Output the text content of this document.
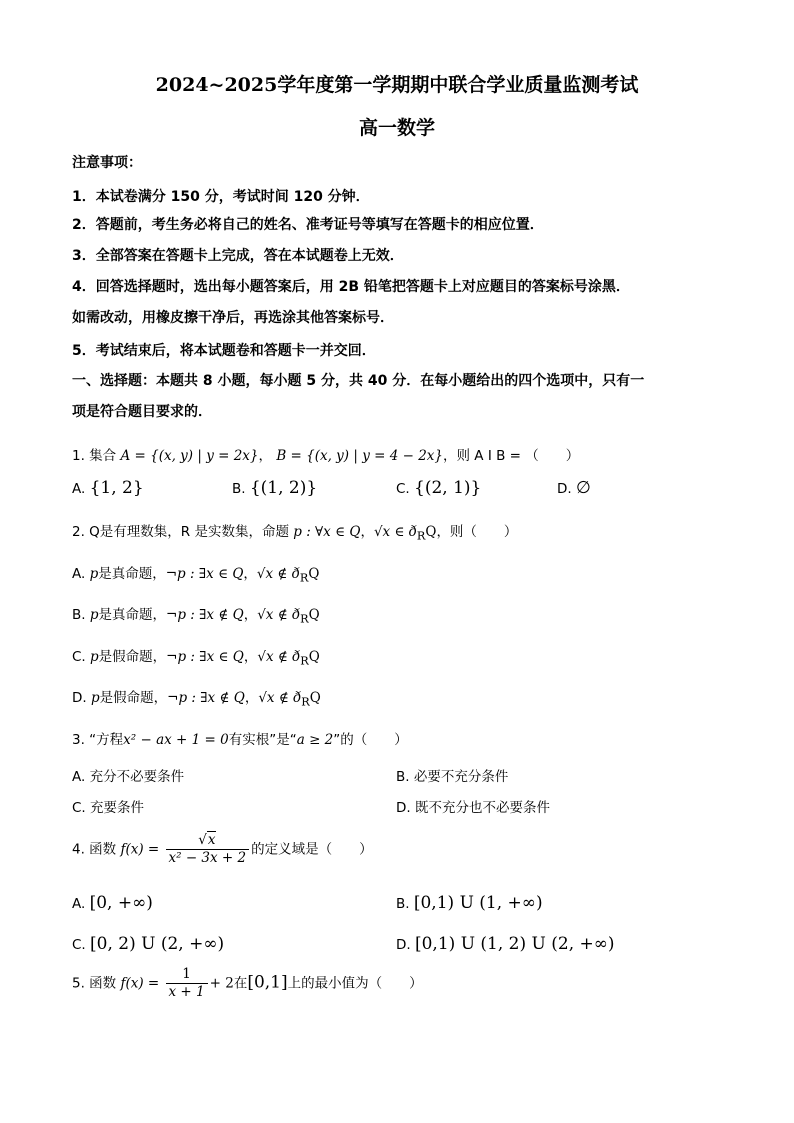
2024~2025学年度第一学期期中联合学业质量监测考试
高一数学
注意事项：
1．本试卷满分 150 分，考试时间 120 分钟．
2．答题前，考生务必将自己的姓名、准考证号等填写在答题卡的相应位置．
3．全部答案在答题卡上完成，答在本试题卷上无效．
4．回答选择题时，选出每小题答案后，用 2B 铅笔把答题卡上对应题目的答案标号涂黑．
如需改动，用橡皮擦干净后，再选涂其他答案标号．
5．考试结束后，将本试题卷和答题卡一并交回．
一、选择题：本题共 8 小题，每小题 5 分，共 40 分．在每小题给出的四个选项中，只有一
项是符合题目要求的．
1. 集合 A = {(x, y) | y = 2x}， B = {(x, y) | y = 4 − 2x}，则 A I B = （　　）
A. {1, 2}	B. {(1, 2)}	C. {(2, 1)}	D. ∅
2. Q是有理数集，R 是实数集，命题 p : ∀x ∈ Q，√x ∈ $ð_RQ$，则（　　）
A. p是真命题，¬p : ∃x ∈ Q，√x ∉ $ð_RQ$
B. p是真命题，¬p : ∃x ∉ Q，√x ∉ $ð_RQ$
C. p是假命题，¬p : ∃x ∈ Q，√x ∉ $ð_RQ$
D. p是假命题，¬p : ∃x ∉ Q，√x ∉ $ð_RQ$
3. “方程x² − ax + 1 = 0有实根”是“a ≥ 2”的（　　）
A. 充分不必要条件	B. 必要不充分条件
C. 充要条件	D. 既不充分也不必要条件
4. 函数 $f(x) = \frac{√x}{\text{x² − 3x + 2}}$ 的定义域是（　　）
A. [0, +∞)	B. [0,1) U (1, +∞)
C. [0, 2) U (2, +∞)	D. [0,1) U (1, 2) U (2, +∞)
5. 函数 $f(x) = \frac{1}{x + 1} + 2$在[0,1]上的最小值为（　　）
